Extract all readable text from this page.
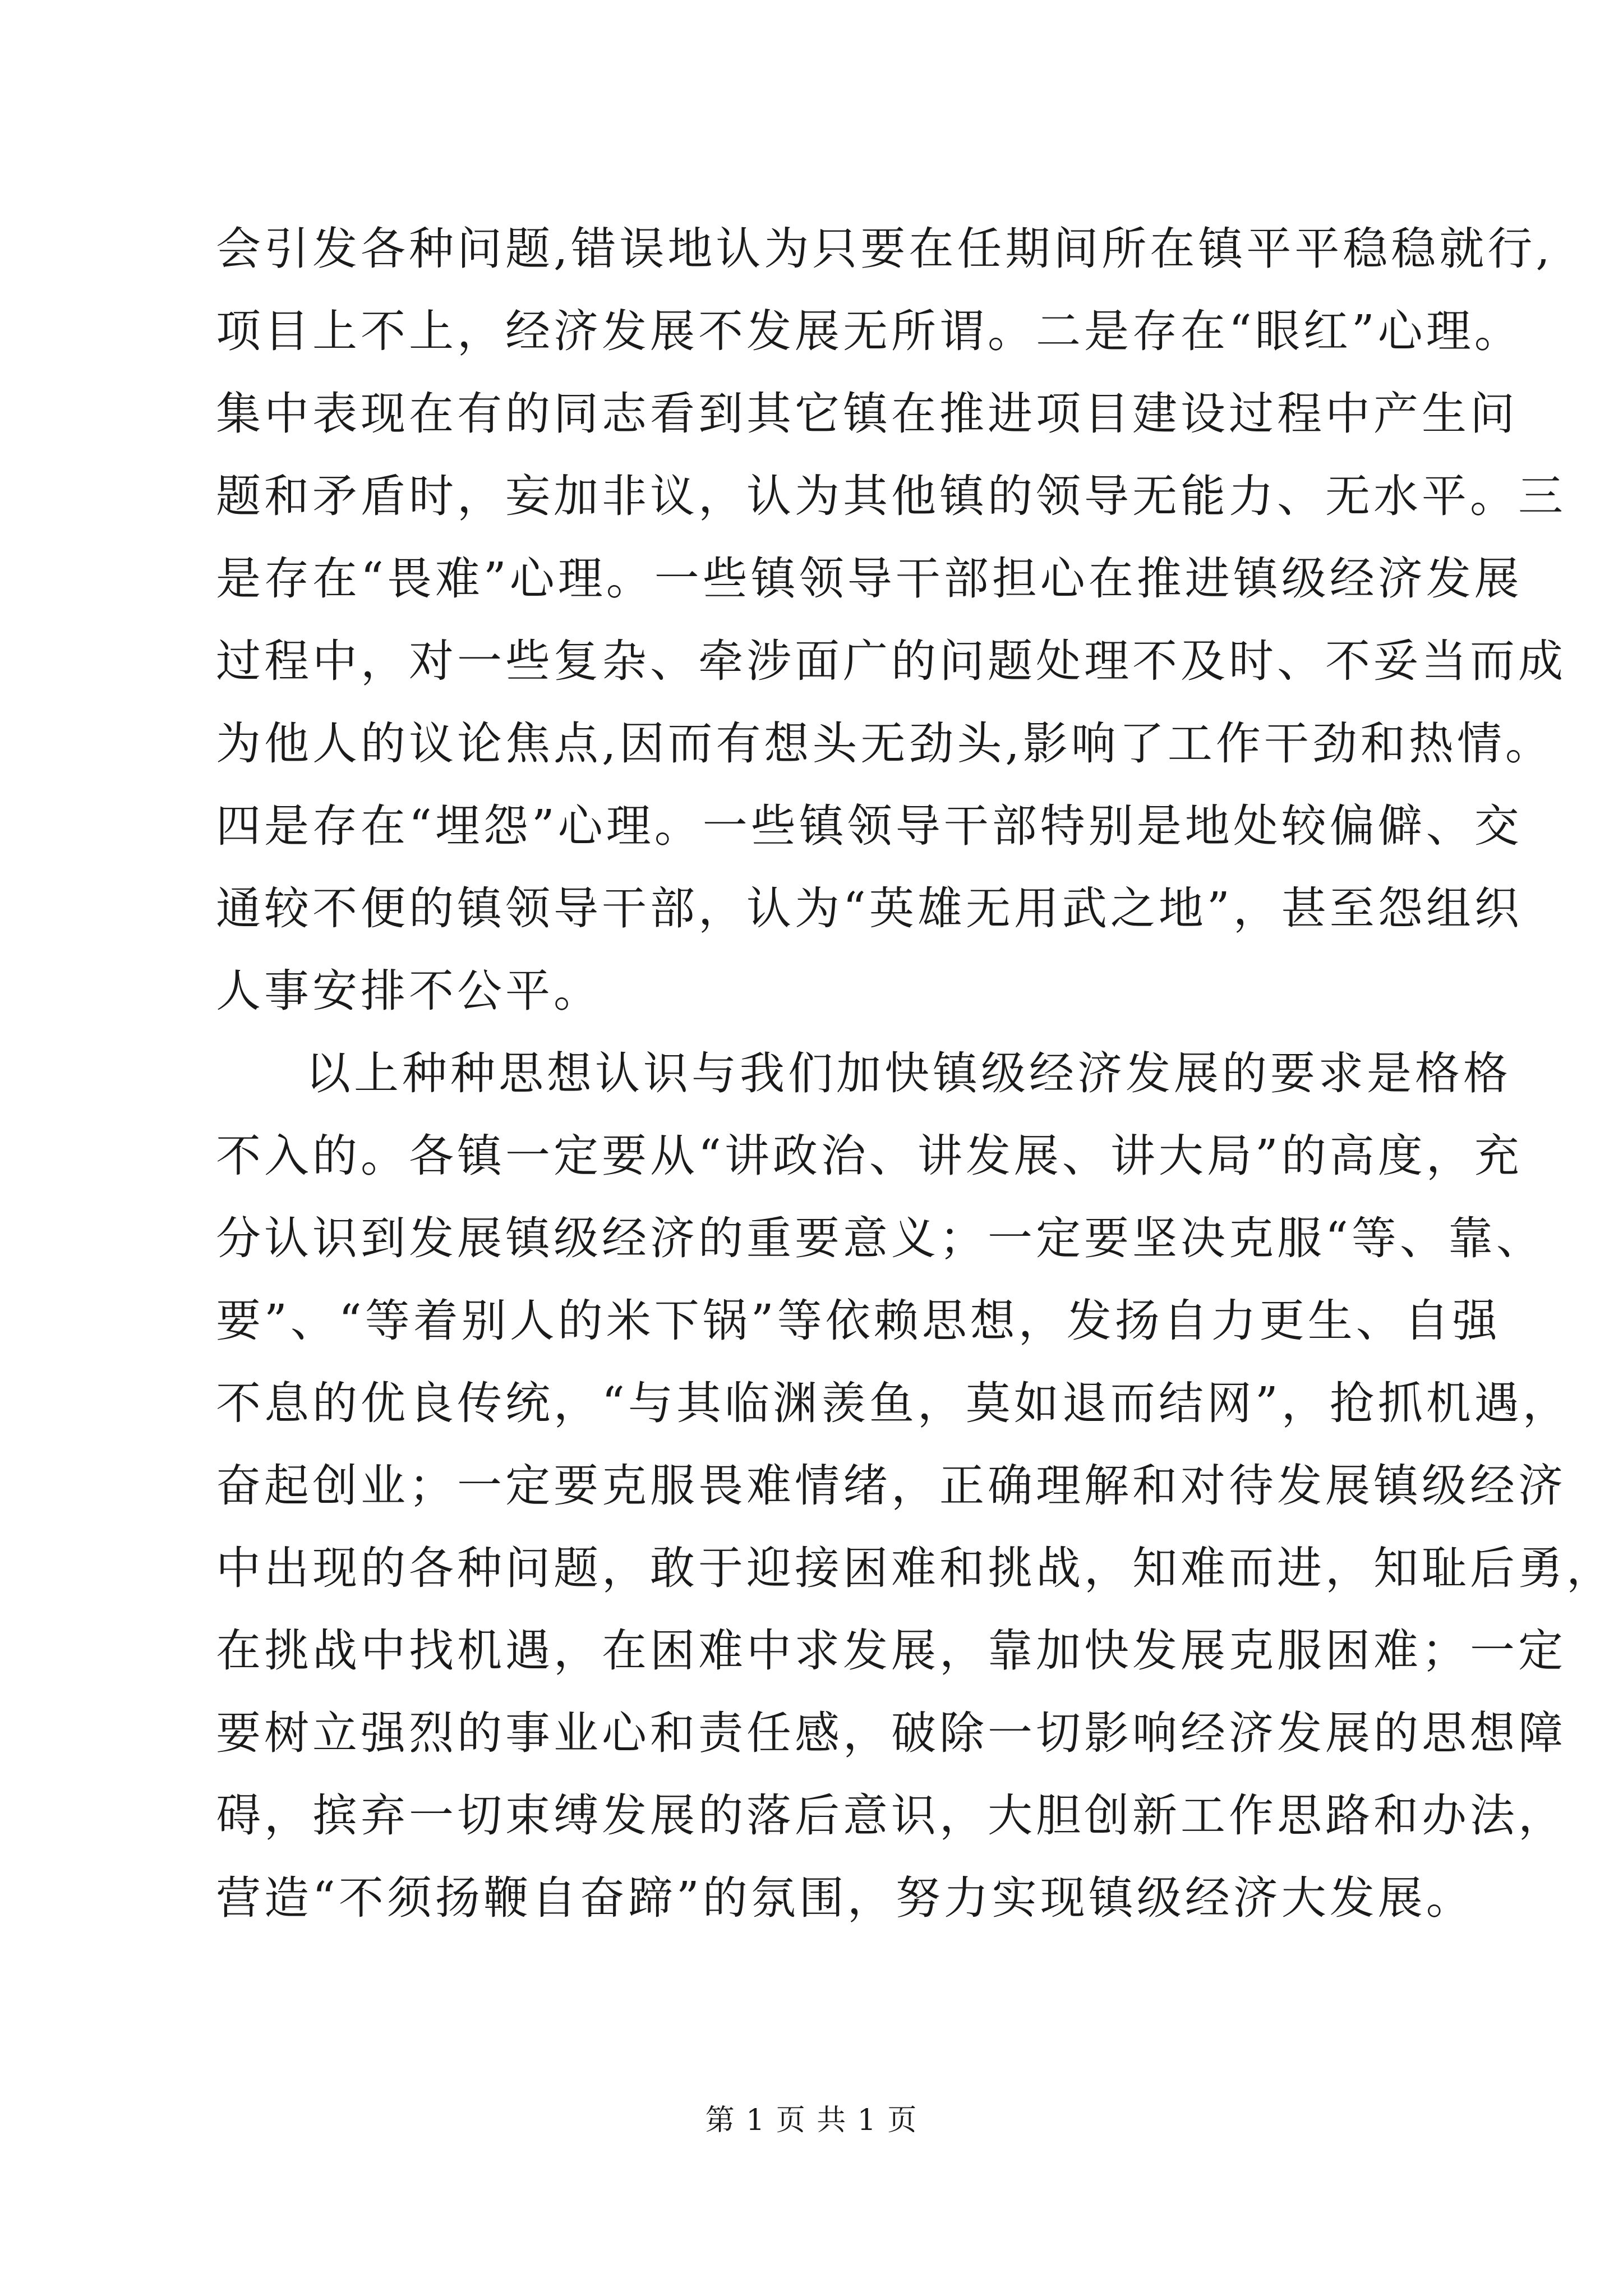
会引发各种问题,错误地认为只要在任期间所在镇平平稳稳就行,
项目上不上，经济发展不发展无所谓。二是存在“眼红”心理。
集中表现在有的同志看到其它镇在推进项目建设过程中产生问
题和矛盾时，妄加非议，认为其他镇的领导无能力、无水平。三
是存在“畏难”心理。一些镇领导干部担心在推进镇级经济发展
过程中，对一些复杂、牵涉面广的问题处理不及时、不妥当而成
为他人的议论焦点,因而有想头无劲头,影响了工作干劲和热情。
四是存在“埋怨”心理。一些镇领导干部特别是地处较偏僻、交
通较不便的镇领导干部，认为“英雄无用武之地”，甚至怨组织
人事安排不公平。
以上种种思想认识与我们加快镇级经济发展的要求是格格
不入的。各镇一定要从“讲政治、讲发展、讲大局”的高度，充
分认识到发展镇级经济的重要意义；一定要坚决克服“等、靠、
要”、“等着别人的米下锅”等依赖思想，发扬自力更生、自强
不息的优良传统，“与其临渊羡鱼，莫如退而结网”，抢抓机遇，
奋起创业；一定要克服畏难情绪，正确理解和对待发展镇级经济
中出现的各种问题，敢于迎接困难和挑战，知难而进，知耻后勇，
在挑战中找机遇，在困难中求发展，靠加快发展克服困难；一定
要树立强烈的事业心和责任感，破除一切影响经济发展的思想障
碍，摈弃一切束缚发展的落后意识，大胆创新工作思路和办法，
营造“不须扬鞭自奋蹄”的氛围，努力实现镇级经济大发展。
第 1 页 共 1 页
